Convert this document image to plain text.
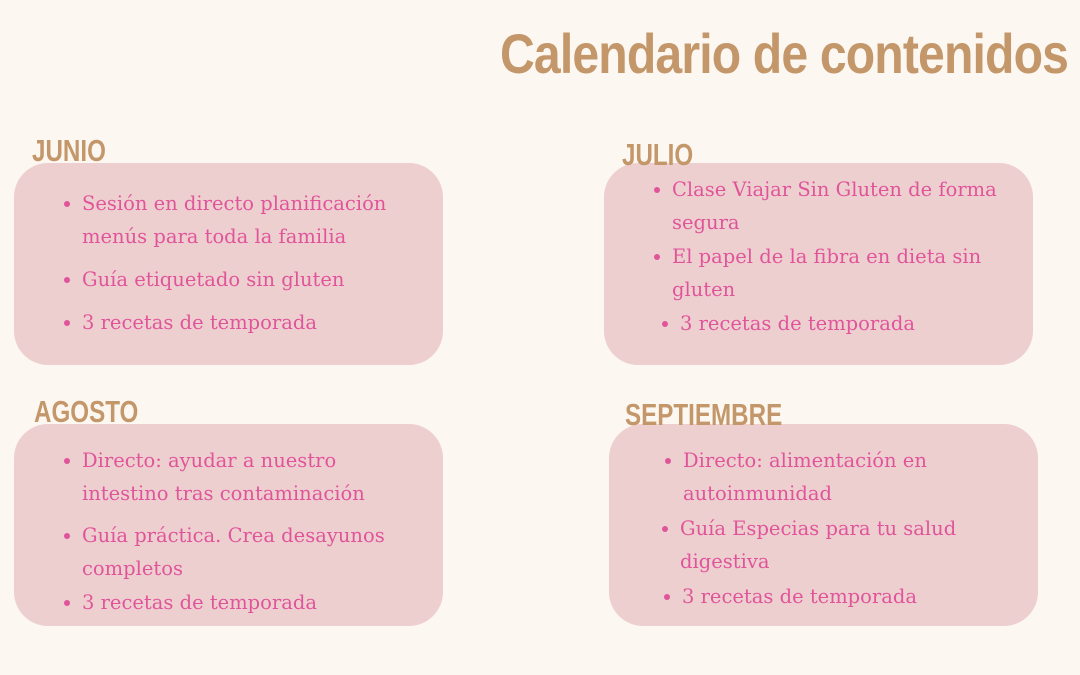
Calendario de contenidos
JUNIO
Sesión en directo planificación menús para toda la familia
Guía etiquetado sin gluten
3 recetas de temporada
JULIO
Clase Viajar Sin Gluten de forma segura
El papel de la fibra en dieta sin gluten
3 recetas de temporada
AGOSTO
Directo: ayudar a nuestro intestino tras contaminación
Guía práctica. Crea desayunos completos
3 recetas de temporada
SEPTIEMBRE
Directo: alimentación en autoinmunidad
Guía Especias para tu salud digestiva
3 recetas de temporada
